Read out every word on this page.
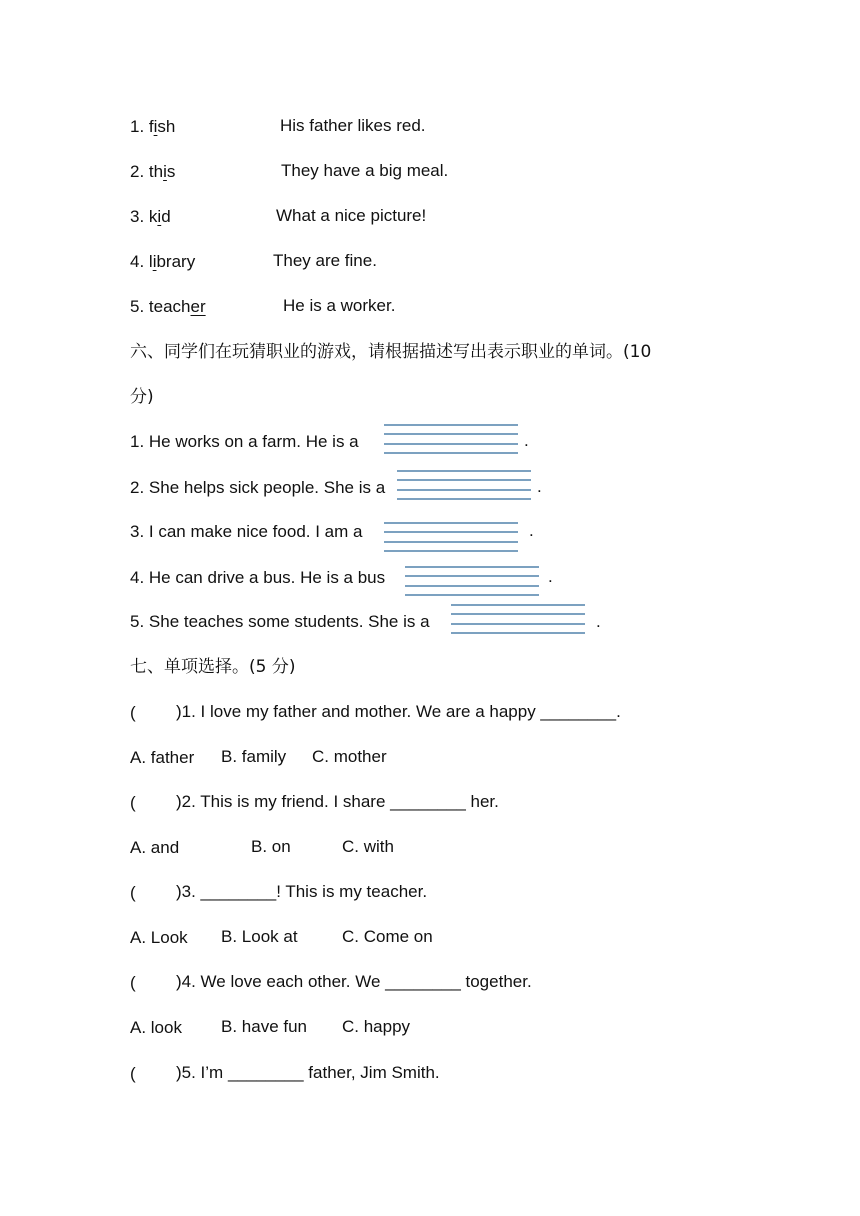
1. fish	His father likes red.
2. this	They have a big meal.
3. kid	What a nice picture!
4. library	They are fine.
5. teacher	He is a worker.
六、同学们在玩猜职业的游戏，请根据描述写出表示职业的单词。(10
分)
1. He works on a farm. He is a	.
2. She helps sick people. She is a	.
3. I can make nice food. I am a	.
4. He can drive a bus. He is a bus	.
5. She teaches some students. She is a	.
七、单项选择。(5 分)
( )1. I love my father and mother. We are a happy ________.
A. father B. family C. mother
( )2. This is my friend. I share ________ her.
A. and	B. on	C. with
( )3. ________! This is my teacher.
A. Look B. Look at	C. Come on
( )4. We love each other. We ________ together.
A. look B. have fun C. happy
( )5. I’m ________ father, Jim Smith.
